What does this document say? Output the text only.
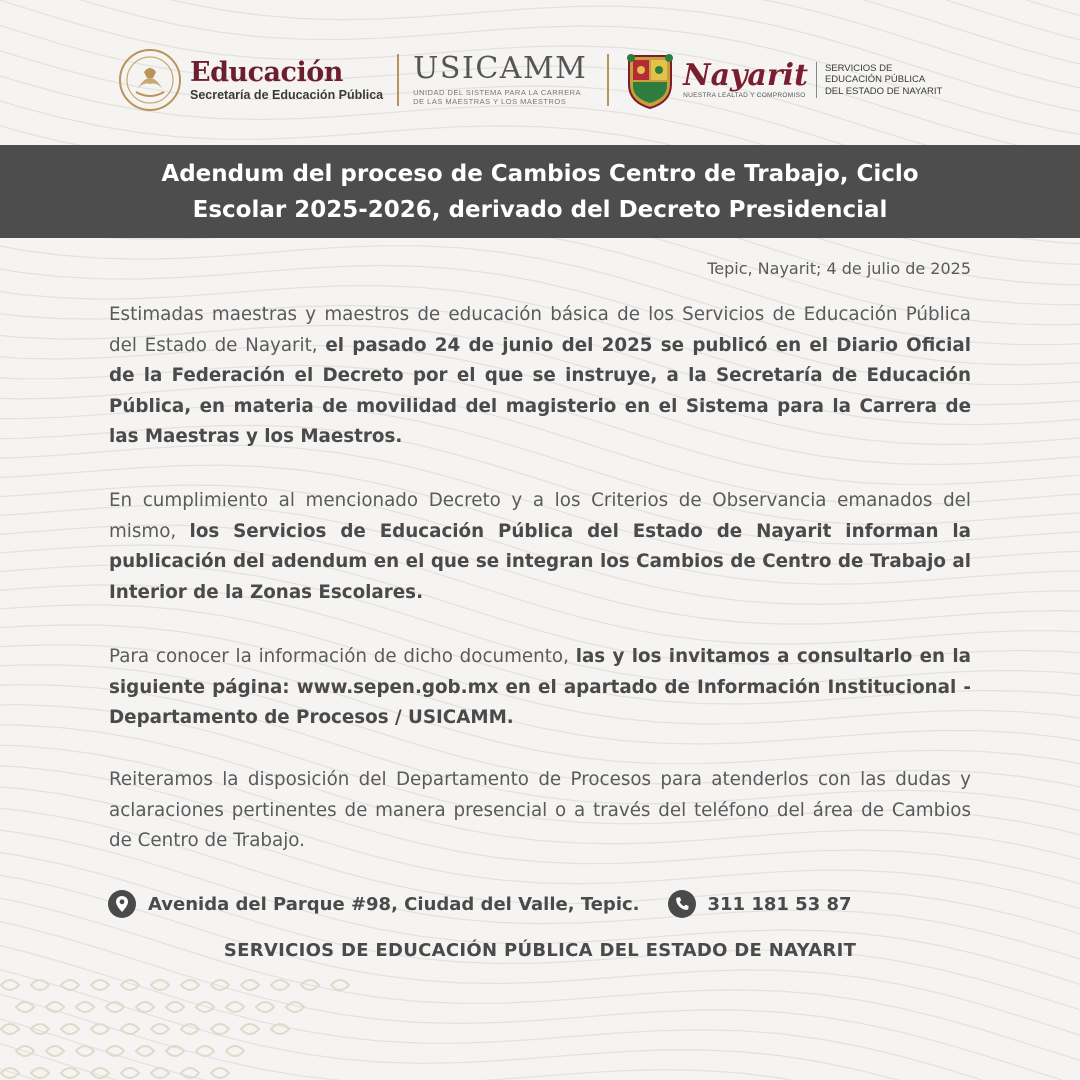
Educación
Secretaría de Educación Pública
USICAMM
UNIDAD DEL SISTEMA PARA LA CARRERA DE LAS MAESTRAS Y LOS MAESTROS
Nayarit
NUESTRA LEALTAD Y COMPROMISO
SERVICIOS DE
EDUCACIÓN PÚBLICA
DEL ESTADO DE NAYARIT
Adendum del proceso de Cambios Centro de Trabajo, Ciclo
Escolar 2025-2026, derivado del Decreto Presidencial
Tepic, Nayarit; 4 de julio de 2025
Estimadas maestras y maestros de educación básica de los Servicios de Educación Pública del Estado de Nayarit, el pasado 24 de junio del 2025 se publicó en el Diario Oficial de la Federación el Decreto por el que se instruye, a la Secretaría de Educación Pública, en materia de movilidad del magisterio en el Sistema para la Carrera de las Maestras y los Maestros.
En cumplimiento al mencionado Decreto y a los Criterios de Observancia emanados del mismo, los Servicios de Educación Pública del Estado de Nayarit informan la publicación del adendum en el que se integran los Cambios de Centro de Trabajo al Interior de la Zonas Escolares.
Para conocer la información de dicho documento, las y los invitamos a consultarlo en la siguiente página: www.sepen.gob.mx en el apartado de Información Institucional - Departamento de Procesos / USICAMM.
Reiteramos la disposición del Departamento de Procesos para atenderlos con las dudas y aclaraciones pertinentes de manera presencial o a través del teléfono del área de Cambios de Centro de Trabajo.
Avenida del Parque #98, Ciudad del Valle, Tepic.	311 181 53 87
SERVICIOS DE EDUCACIÓN PÚBLICA DEL ESTADO DE NAYARIT
